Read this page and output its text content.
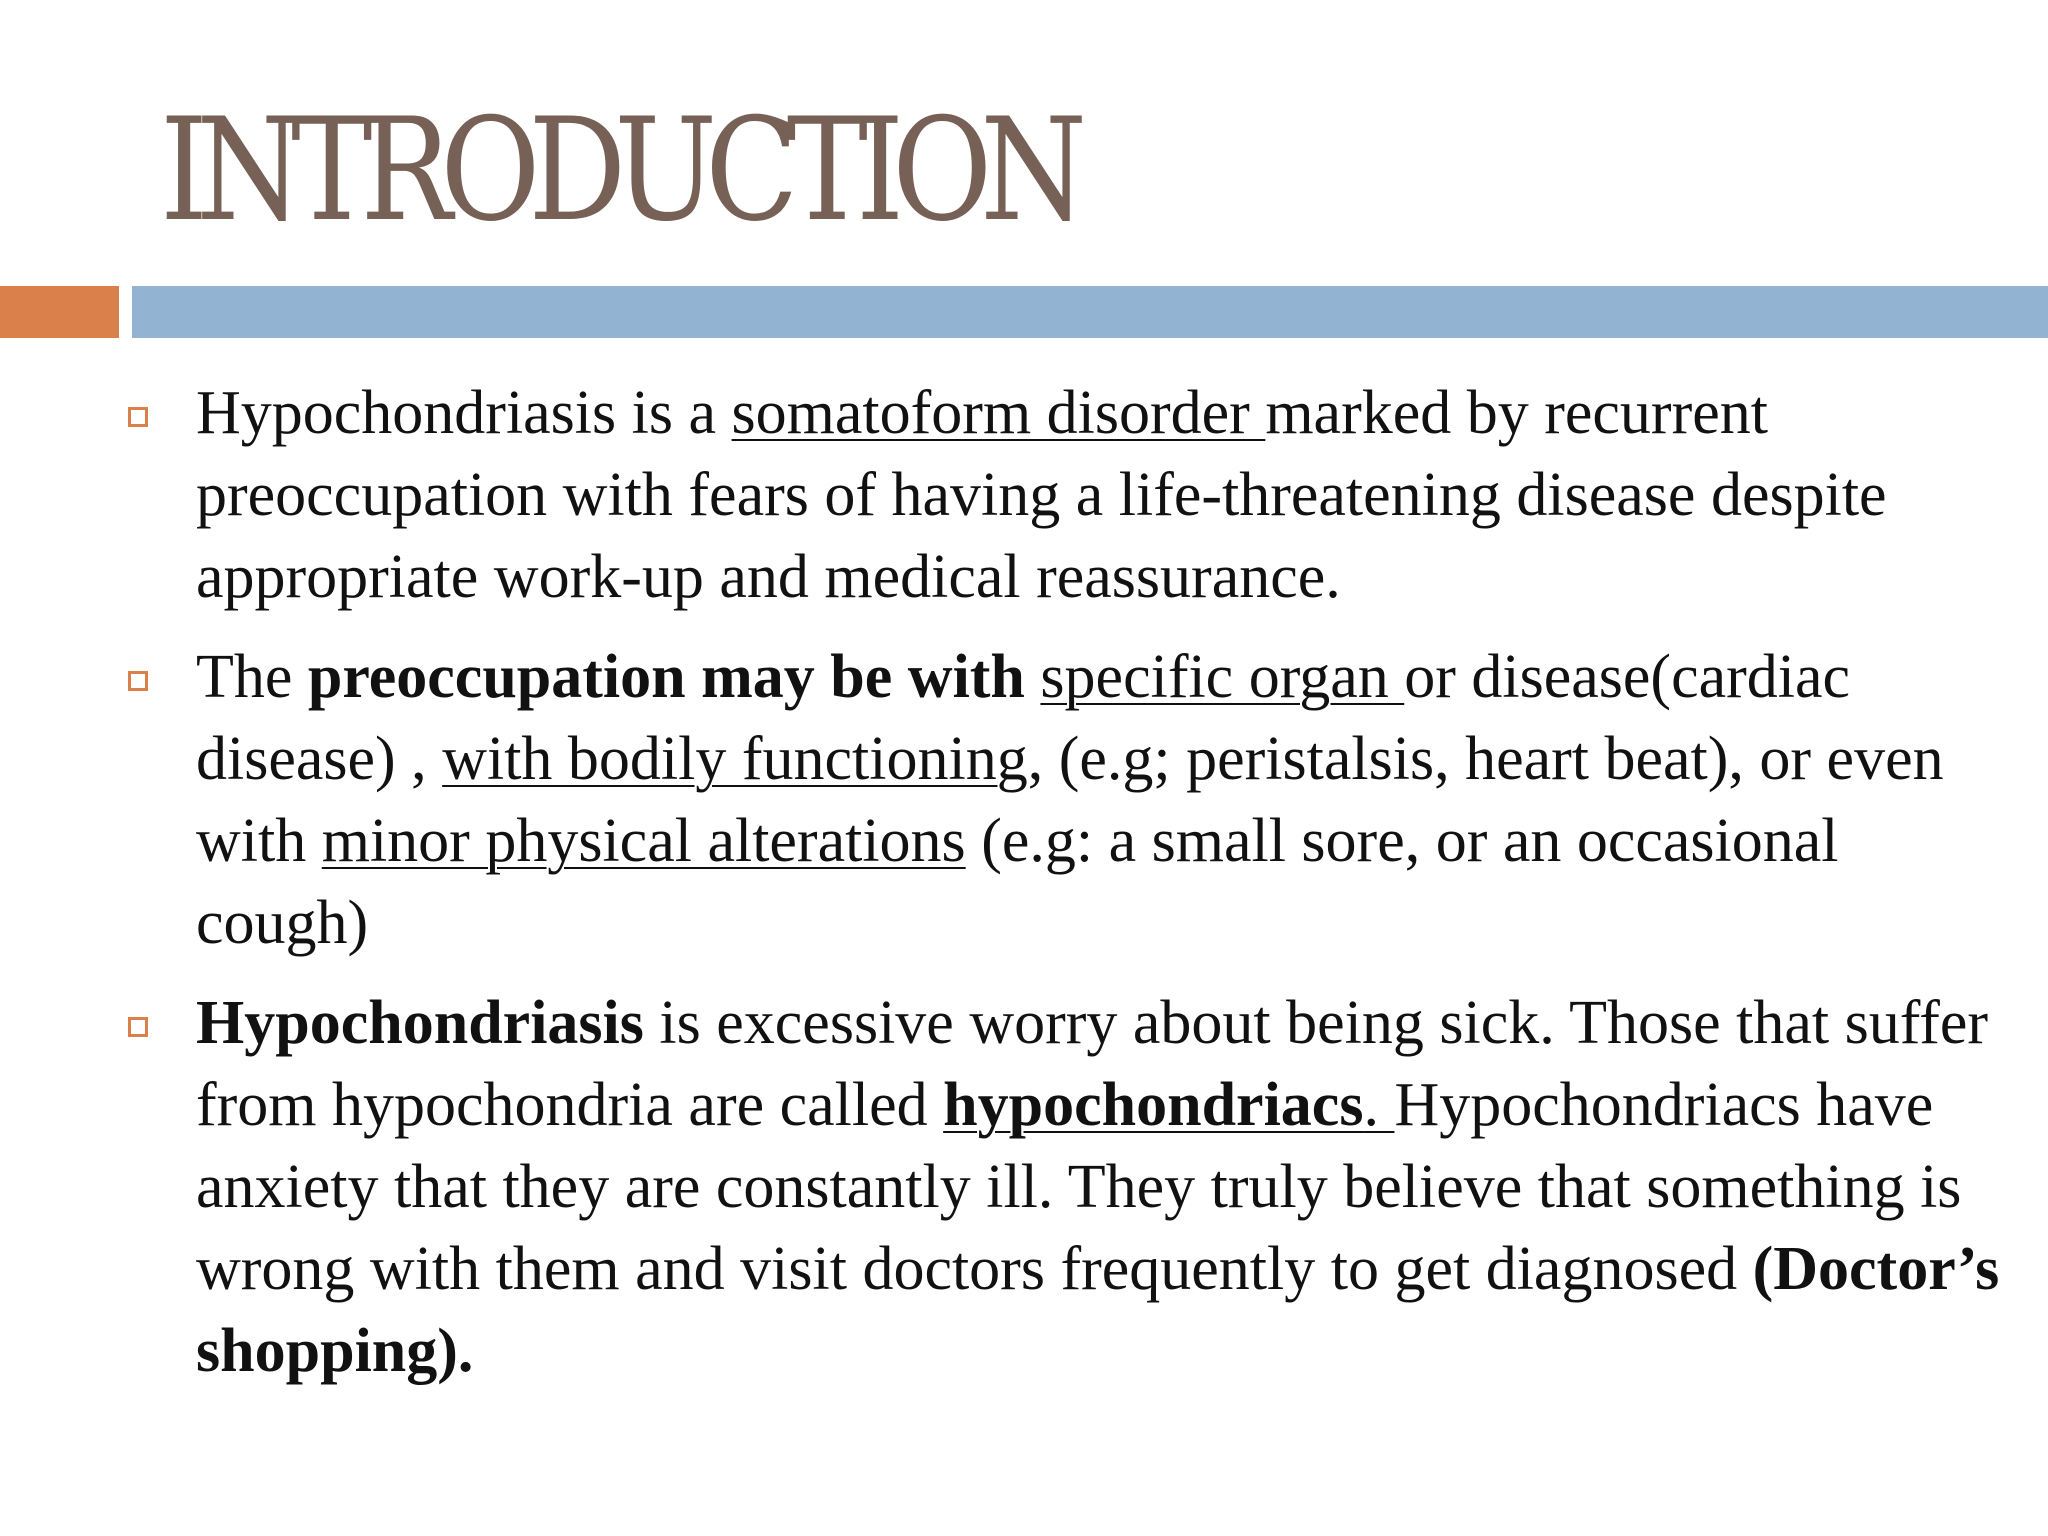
INTRODUCTION

Hypochondriasis is a somatoform disorder marked by recurrent preoccupation with fears of having a life-threatening disease despite appropriate work-up and medical reassurance.

The preoccupation may be with specific organ or disease(cardiac disease) , with bodily functioning, (e.g; peristalsis, heart beat), or even with minor physical alterations (e.g: a small sore, or an occasional cough)

Hypochondriasis is excessive worry about being sick. Those that suffer from hypochondria are called hypochondriacs. Hypochondriacs have anxiety that they are constantly ill. They truly believe that something is wrong with them and visit doctors frequently to get diagnosed (Doctor’s shopping).
